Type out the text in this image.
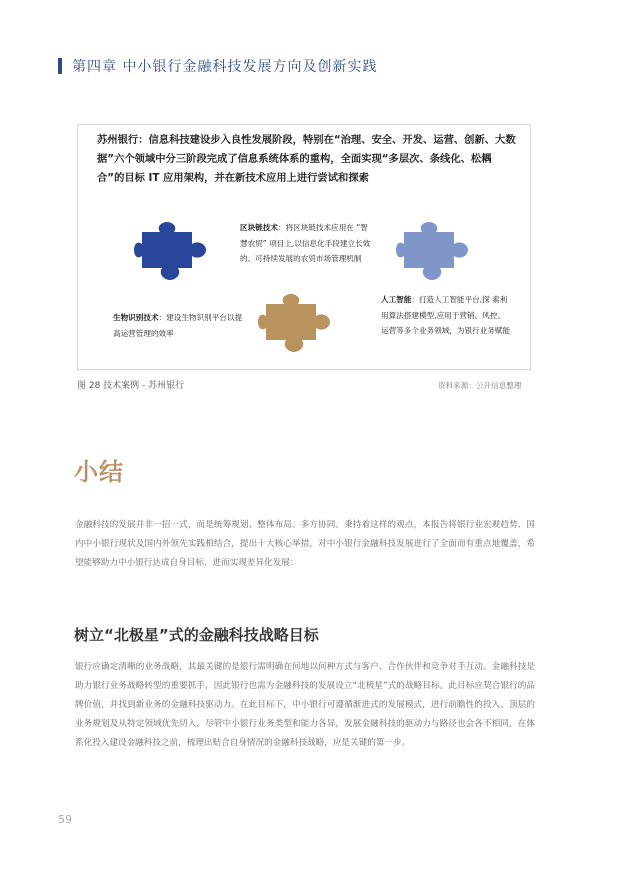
第四章 中小银行金融科技发展方向及创新实践
苏州银行：信息科技建设步入良性发展阶段，特别在“治理、安全、开发、运营、创新、大数据”六个领域中分三阶段完成了信息系统体系的重构，全面实现“多层次、条线化、松耦合”的目标 IT 应用架构，并在新技术应用上进行尝试和探索
区块链技术：将区块链技术应用在 “智慧农贸” 项目上,以信息化手段建立长效的、可持续发展的农贸市场管理机制
生物识别技术：建设生物识别平台以提高运营管理的效率
人工智能：打造人工智能平台,探 索利用算法搭建模型,应用于营销、风控、运营等多个业务领域，为银行业务赋能
图 28 技术案例 - 苏州银行	资料来源：公开信息整理
小结
金融科技的发展并非一招一式，而是统筹规划、整体布局、多方协同。秉持着这样的观点，本报告将银行业宏观趋势、国内中小银行现状及国内外领先实践相结合，提出十大核心举措，对中小银行金融科技发展进行了全面而有重点地覆盖，希望能够助力中小银行达成自身目标，进而实现差异化发展：
树立“北极星”式的金融科技战略目标
银行应确定清晰的业务战略，其最关键的是银行需明确在何地以何种方式与客户、合作伙伴和竞争对手互动。金融科技是助力银行业务战略转型的重要抓手，因此银行也需为金融科技的发展设立“北极星”式的战略目标。此目标应契合银行的品牌价值，并找到新业务的金融科技驱动力。在此目标下，中小银行可遵循渐进式的发展模式，进行前瞻性的投入、顶层的业务规划及从特定领域优先切入。尽管中小银行业务类型和能力各异，发展金融科技的驱动力与路径也会各不相同，在体系化投入建设金融科技之前，梳理出贴合自身情况的金融科技战略，应是关键的第一步。
59
